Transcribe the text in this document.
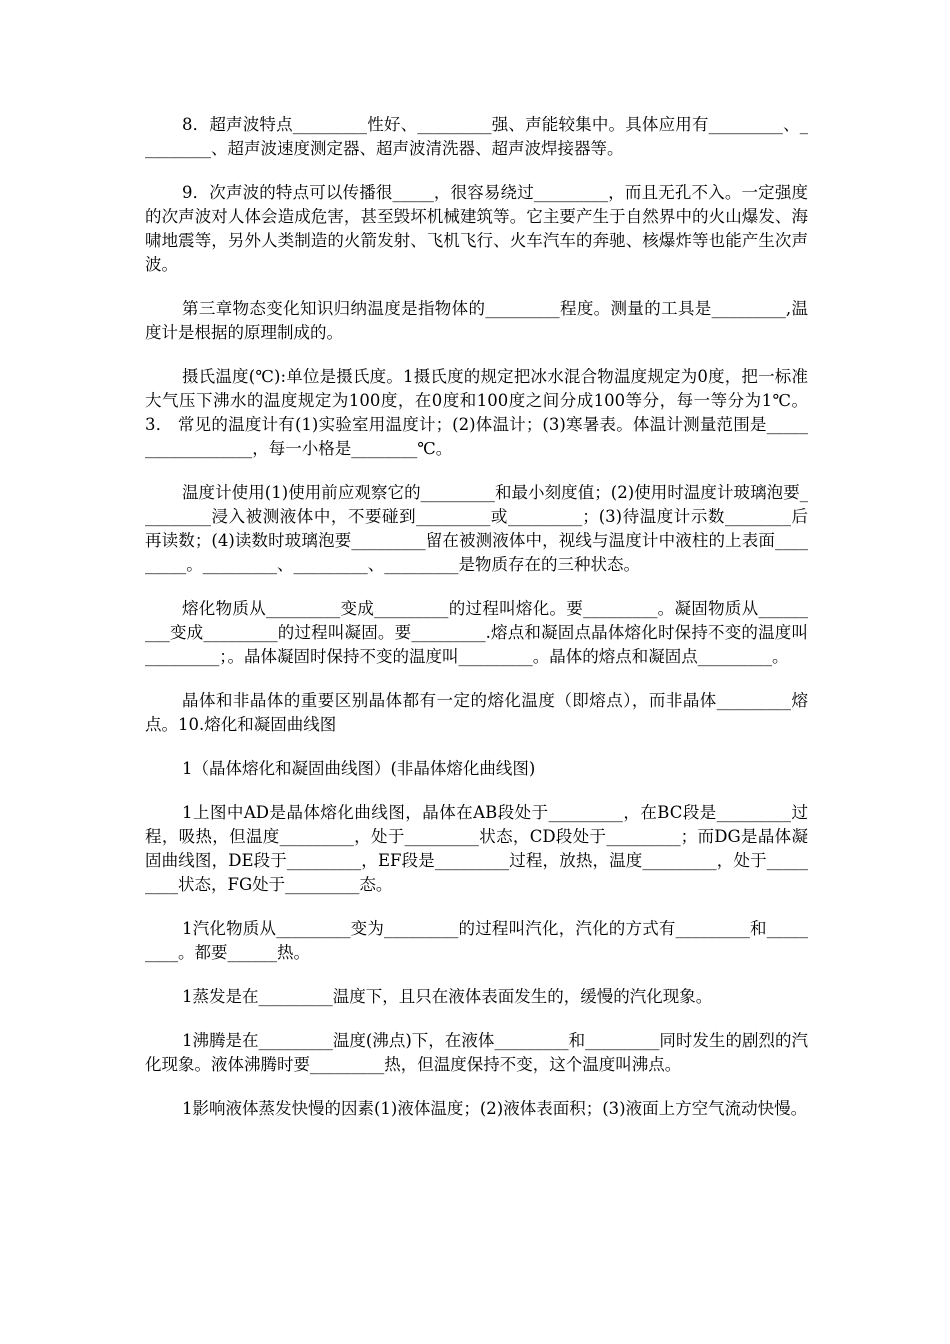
8．超声波特点_________性好、_________强、声能较集中。具体应用有_________、_________、超声波速度测定器、超声波清洗器、超声波焊接器等。

9．次声波的特点可以传播很_____，很容易绕过_________，而且无孔不入。一定强度的次声波对人体会造成危害，甚至毁坏机械建筑等。它主要产生于自然界中的火山爆发、海啸地震等，另外人类制造的火箭发射、飞机飞行、火车汽车的奔驰、核爆炸等也能产生次声波。

第三章物态变化知识归纳温度是指物体的_________程度。测量的工具是_________,温度计是根据的原理制成的。

摄氏温度(℃):单位是摄氏度。1摄氏度的规定把冰水混合物温度规定为0度，把一标准大气压下沸水的温度规定为100度，在0度和100度之间分成100等分，每一等分为1℃。 3． 常见的温度计有(1)实验室用温度计；(2)体温计；(3)寒暑表。体温计测量范围是__________________，每一小格是________℃。

温度计使用(1)使用前应观察它的_________和最小刻度值；(2)使用时温度计玻璃泡要_________浸入被测液体中，不要碰到_________或_________；(3)待温度计示数________后再读数；(4)读数时玻璃泡要_________留在被测液体中，视线与温度计中液柱的上表面_________。_________、_________、_________是物质存在的三种状态。

熔化物质从_________变成_________的过程叫熔化。要_________。凝固物质从_________变成_________的过程叫凝固。要_________.熔点和凝固点晶体熔化时保持不变的温度叫_________；。晶体凝固时保持不变的温度叫_________。晶体的熔点和凝固点_________。

晶体和非晶体的重要区别晶体都有一定的熔化温度（即熔点），而非晶体_________熔点。10.熔化和凝固曲线图

1（晶体熔化和凝固曲线图）(非晶体熔化曲线图)

1上图中AD是晶体熔化曲线图，晶体在AB段处于_________，在BC段是_________过程，吸热，但温度_________，处于_________状态，CD段处于_________；而DG是晶体凝固曲线图，DE段于_________，EF段是_________过程，放热，温度_________，处于_________状态，FG处于_________态。

1汽化物质从_________变为_________的过程叫汽化，汽化的方式有_________和_________。都要______热。

1蒸发是在_________温度下，且只在液体表面发生的，缓慢的汽化现象。

1沸腾是在_________温度(沸点)下，在液体_________和_________同时发生的剧烈的汽化现象。液体沸腾时要_________热，但温度保持不变，这个温度叫沸点。

1影响液体蒸发快慢的因素(1)液体温度；(2)液体表面积；(3)液面上方空气流动快慢。
